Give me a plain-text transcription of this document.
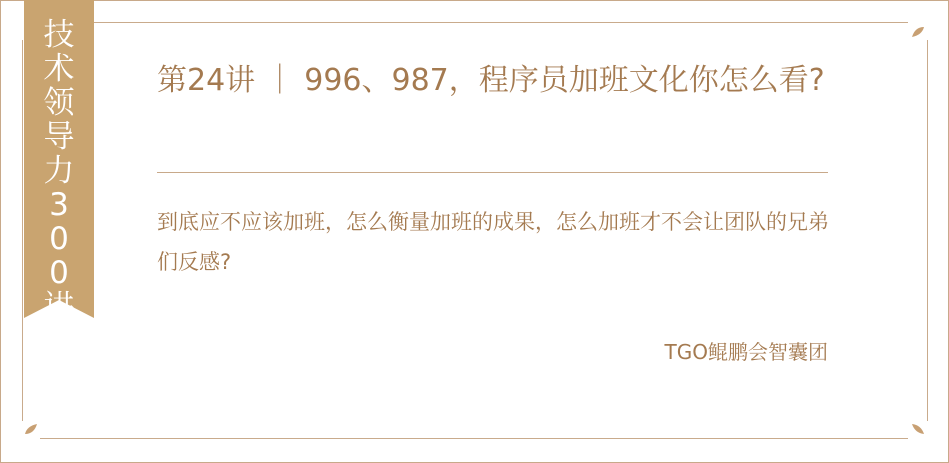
技术领导力300讲
第24讲 ｜ 996、987，程序员加班文化你怎么看?

到底应不应该加班，怎么衡量加班的成果，怎么加班才不会让团队的兄弟们反感?

TGO鲲鹏会智囊团
